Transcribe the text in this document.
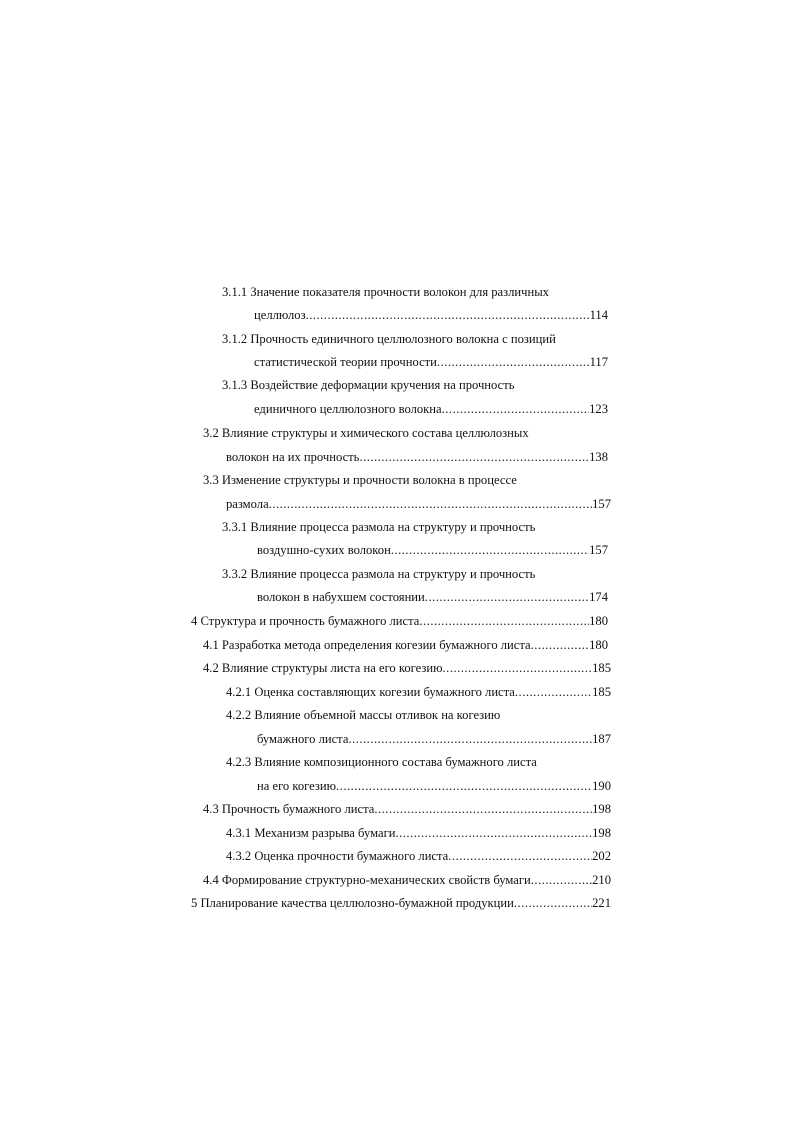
3.1.1 Значение показателя прочности волокон для различных
целлюлоз .....	114
3.1.2 Прочность единичного целлюлозного волокна с позиций
статистической теории прочности .....	117
3.1.3 Воздействие деформации кручения на прочность
единичного целлюлозного волокна .....	123
3.2 Влияние структуры и химического состава целлюлозных
волокон на их прочность .....	138
3.3 Изменение структуры и прочности волокна в процессе
размола .....	157
3.3.1 Влияние процесса размола на структуру и прочность
воздушно-сухих волокон .....	157
3.3.2 Влияние процесса размола на структуру и прочность
волокон в набухшем состоянии .....	174
4 Структура и прочность бумажного листа .....	180
4.1 Разработка метода определения когезии бумажного листа .....	180
4.2 Влияние структуры листа на его когезию .....	185
4.2.1 Оценка составляющих когезии бумажного листа .....	185
4.2.2 Влияние объемной массы отливок на когезию
бумажного листа .....	187
4.2.3 Влияние композиционного состава бумажного листа
на его когезию .....	190
4.3 Прочность бумажного листа .....	198
4.3.1 Механизм разрыва бумаги .....	198
4.3.2 Оценка прочности бумажного листа .....	202
4.4 Формирование структурно-механических свойств бумаги .....	210
5 Планирование качества целлюлозно-бумажной продукции .....	221
